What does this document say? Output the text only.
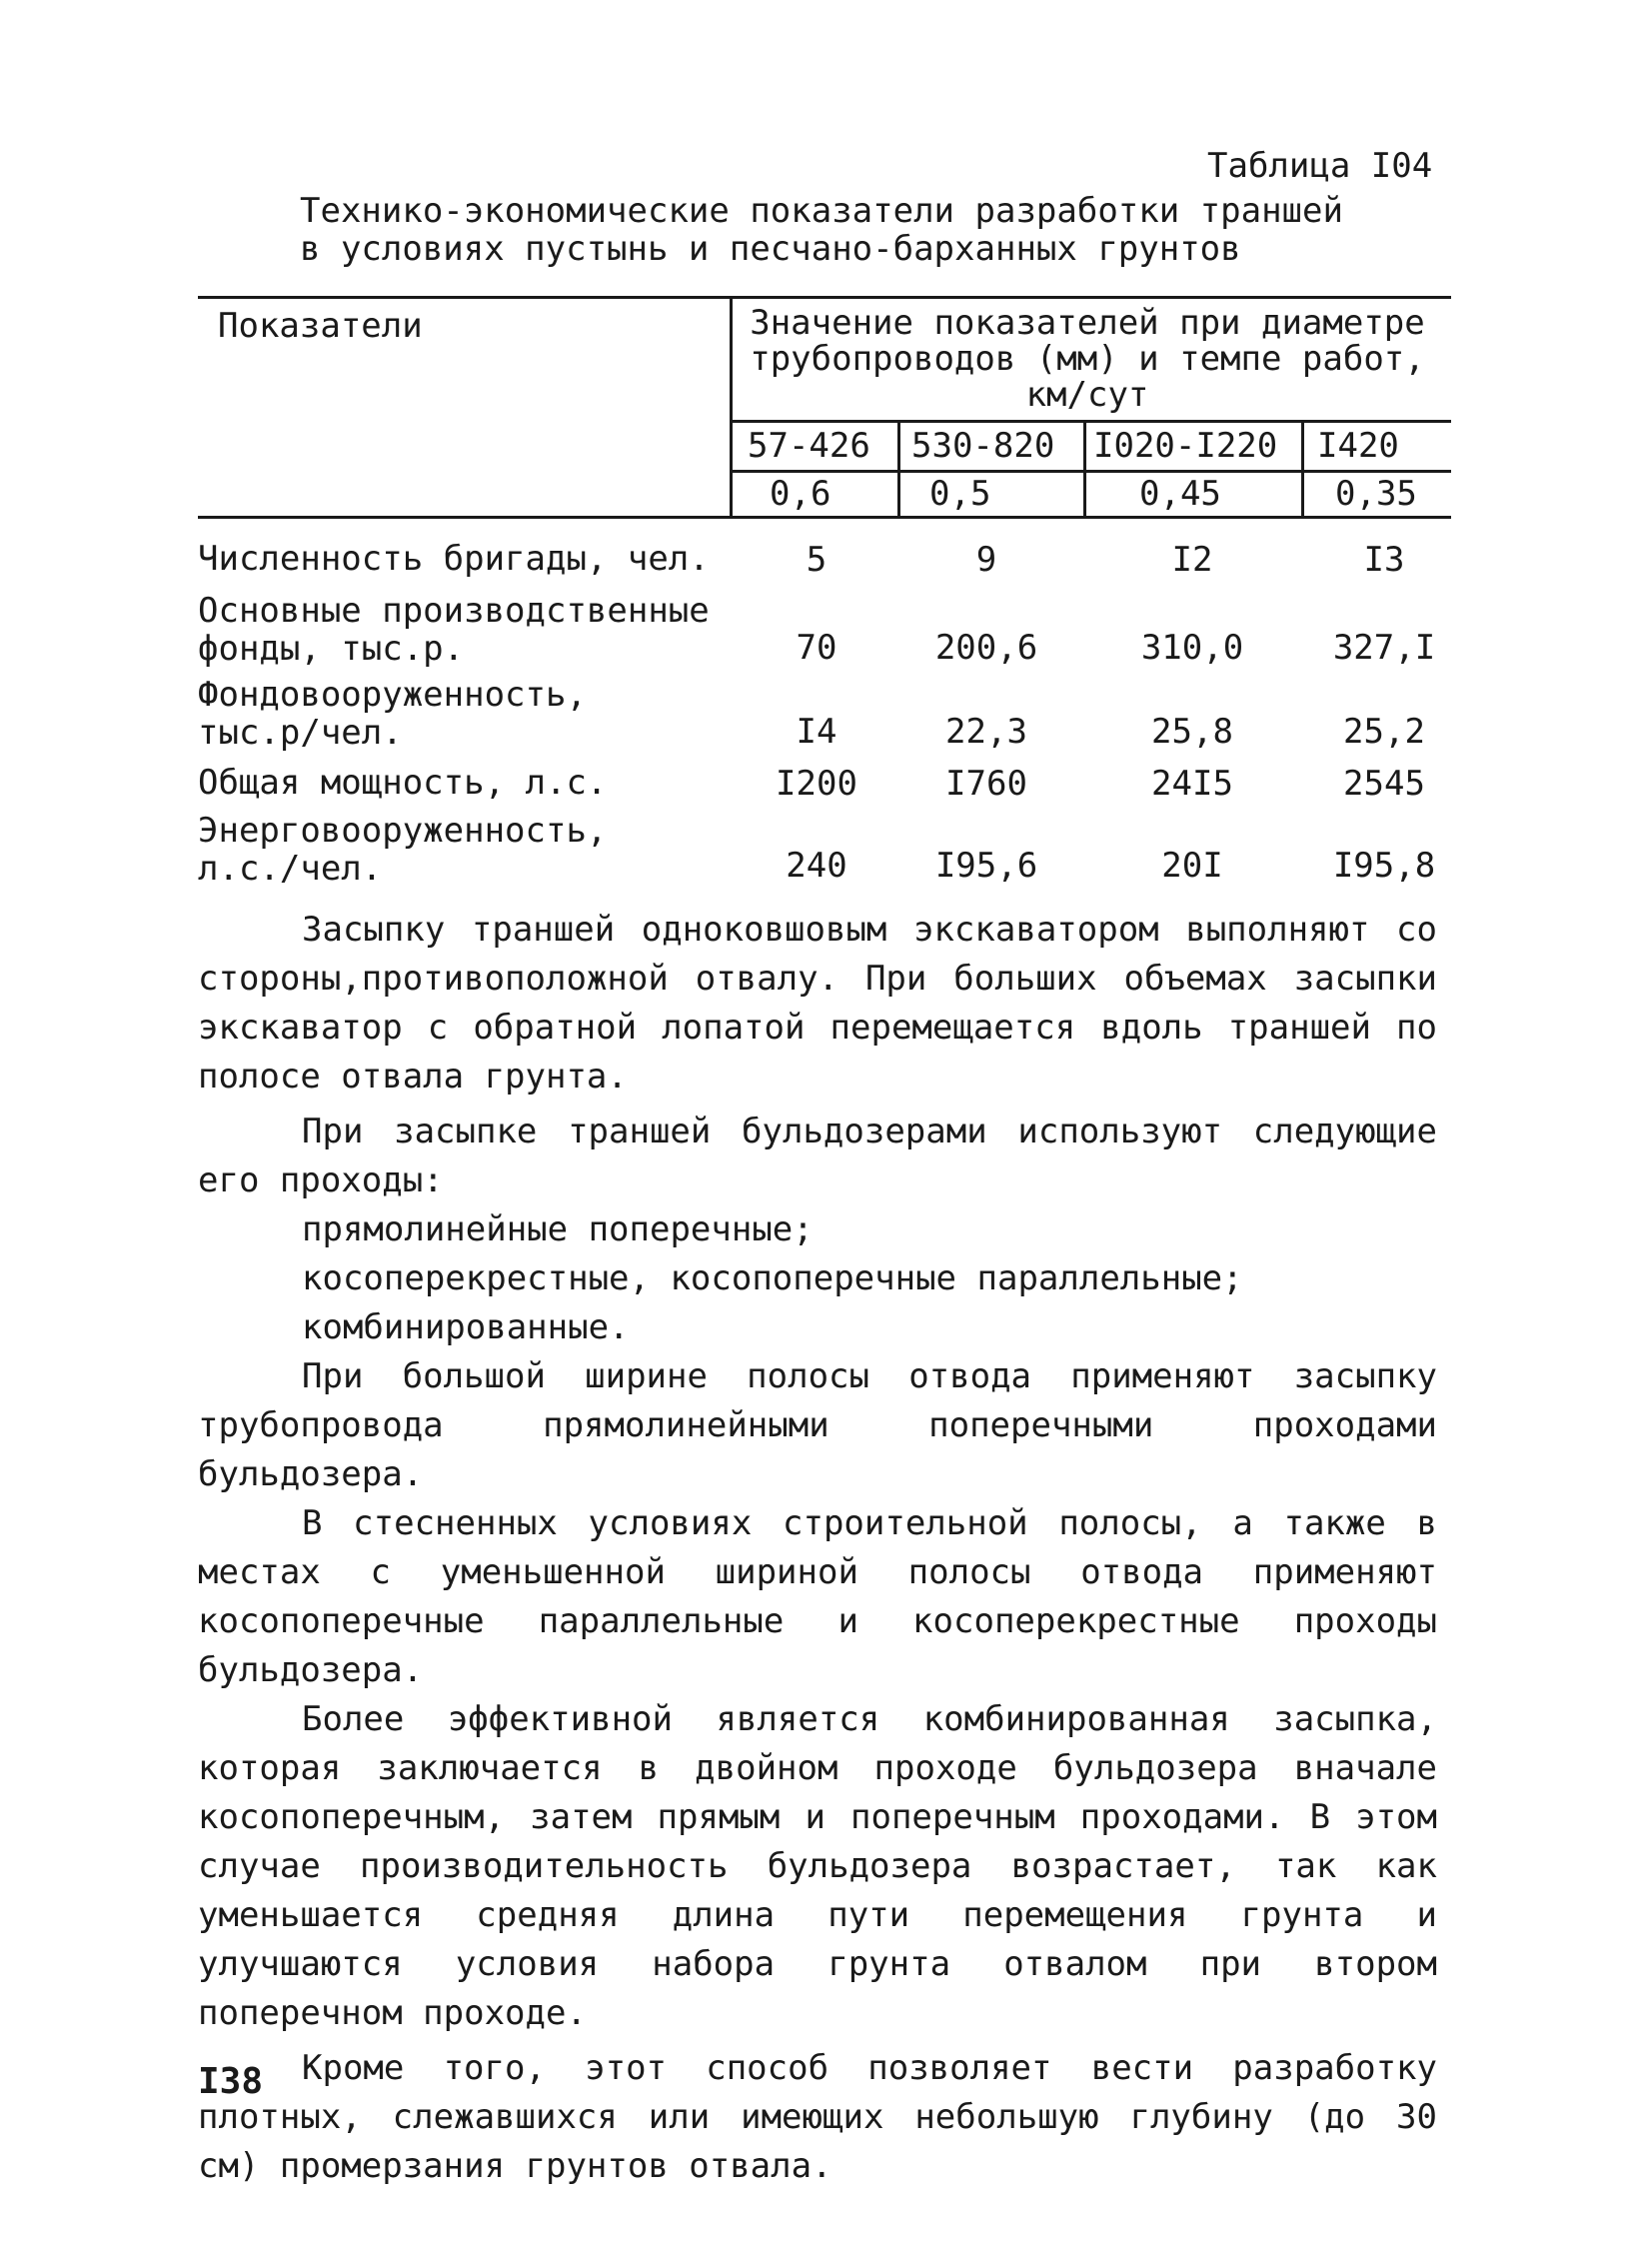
Таблица I04
Технико-экономические показатели разработки траншей
в условиях пустынь и песчано-барханных грунтов
Показатели	Значение показателей при диаметре трубопроводов (мм) и темпе работ, км/сут
57-426 530-820 I020-I220 I420
0,6	0,5	0,45	0,35
Численность бригады, чел.	5	9	I2	I3
Основные производственные
фонды, тыс.р.	70	200,6	310,0	327,I
Фондовооруженность,
тыс.р/чел.	I4	22,3	25,8	25,2
Общая мощность, л.с.	I200	I760	24I5	2545
Энерговооруженность,
л.с./чел.	240	I95,6	20I	I95,8

Засыпку траншей одноковшовым экскаватором выполняют со стороны,противоположной отвалу. При больших объемах засыпки экскаватор с обратной лопатой перемещается вдоль траншей по полосе отвала грунта.

При засыпке траншей бульдозерами используют следующие его проходы:

прямолинейные поперечные;
косоперекрестные, косопоперечные параллельные;
комбинированные.

При большой ширине полосы отвода применяют засыпку трубопровода прямолинейными поперечными проходами бульдозера.

В стесненных условиях строительной полосы, а также в местах с уменьшенной шириной полосы отвода применяют косопоперечные параллельные и косоперекрестные проходы бульдозера.

Более эффективной является комбинированная засыпка, которая заключается в двойном проходе бульдозера вначале косопоперечным, затем прямым и поперечным проходами. В этом случае производительность бульдозера возрастает, так как уменьшается средняя длина пути перемещения грунта и улучшаются условия набора грунта отвалом при втором поперечном проходе.

Кроме того, этот способ позволяет вести разработку плотных, слежавшихся или имеющих небольшую глубину (до 30 см) промерзания грунтов отвала.

I38
